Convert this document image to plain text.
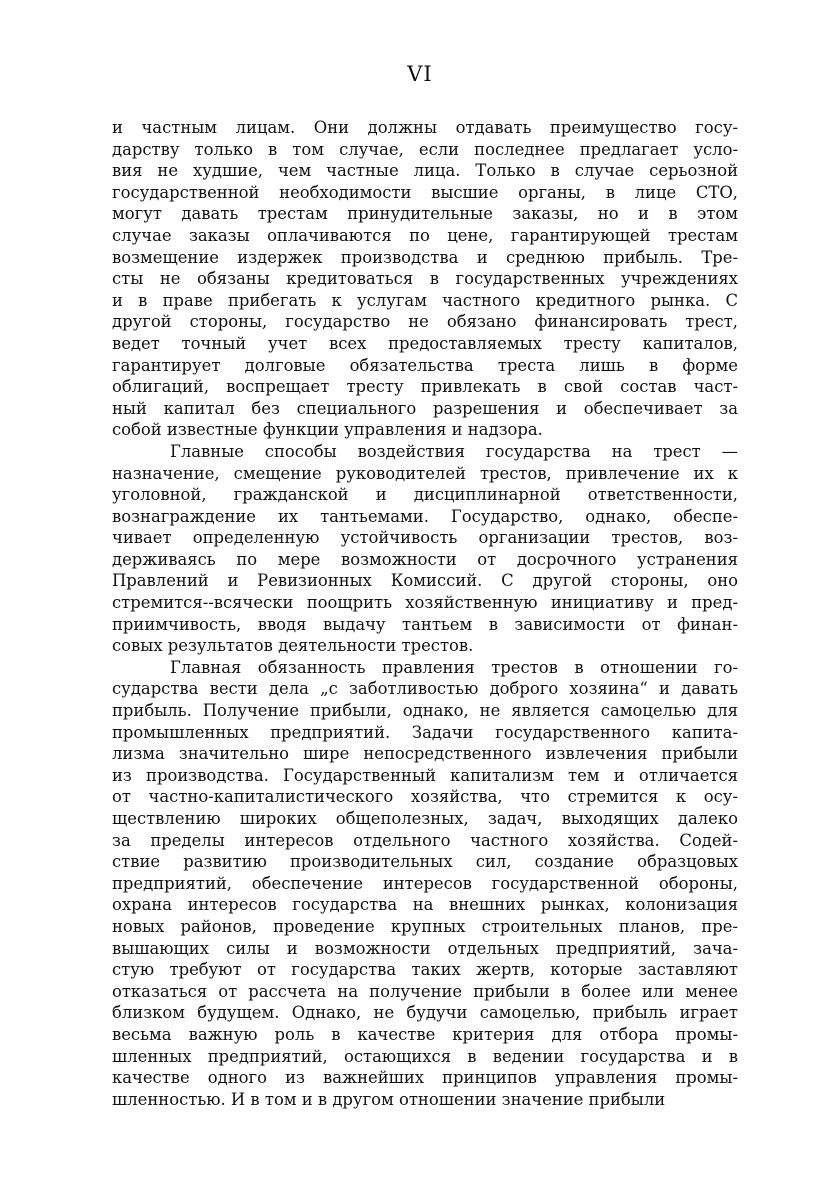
VI
и частным лицам. Они должны отдавать преимущество госу-
дарству только в том случае, если последнее предлагает усло-
вия не худшие, чем частные лица. Только в случае серьозной
государственной необходимости высшие органы, в лице СТО,
могут давать трестам принудительные заказы, но и в этом
случае заказы оплачиваются по цене, гарантирующей трестам
возмещение издержек производства и среднюю прибыль. Тре-
сты не обязаны кредитоваться в государственных учреждениях
и в праве прибегать к услугам частного кредитного рынка. С
другой стороны, государство не обязано финансировать трест,
ведет точный учет всех предоставляемых тресту капиталов,
гарантирует долговые обязательства треста лишь в форме
облигаций, воспрещает тресту привлекать в свой состав част-
ный капитал без специального разрешения и обеспечивает за
собой известные функции управления и надзора.
Главные способы воздействия государства на трест —
назначение, смещение руководителей трестов, привлечение их к
уголовной, гражданской и дисциплинарной ответственности,
вознаграждение их тантьемами. Государство, однако, обеспе-
чивает определенную устойчивость организации трестов, воз-
держиваясь по мере возможности от досрочного устранения
Правлений и Ревизионных Комиссий. С другой стороны, оно
стремится--всячески поощрить хозяйственную инициативу и пред-
приимчивость, вводя выдачу тантьем в зависимости от финан-
совых результатов деятельности трестов.
Главная обязанность правления трестов в отношении го-
сударства вести дела „с заботливостью доброго хозяина“ и давать
прибыль. Получение прибыли, однако, не является самоцелью для
промышленных предприятий. Задачи государственного капита-
лизма значительно шире непосредственного извлечения прибыли
из производства. Государственный капитализм тем и отличается
от частно-капиталистического хозяйства, что стремится к осу-
ществлению широких общеполезных, задач, выходящих далеко
за пределы интересов отдельного частного хозяйства. Содей-
ствие развитию производительных сил, создание образцовых
предприятий, обеспечение интересов государственной обороны,
охрана интересов государства на внешних рынках, колонизация
новых районов, проведение крупных строительных планов, пре-
вышающих силы и возможности отдельных предприятий, зача-
стую требуют от государства таких жертв, которые заставляют
отказаться от рассчета на получение прибыли в более или менее
близком будущем. Однако, не будучи самоцелью, прибыль играет
весьма важную роль в качестве критерия для отбора промы-
шленных предприятий, остающихся в ведении государства и в
качестве одного из важнейших принципов управления промы-
шленностью. И в том и в другом отношении значение прибыли
